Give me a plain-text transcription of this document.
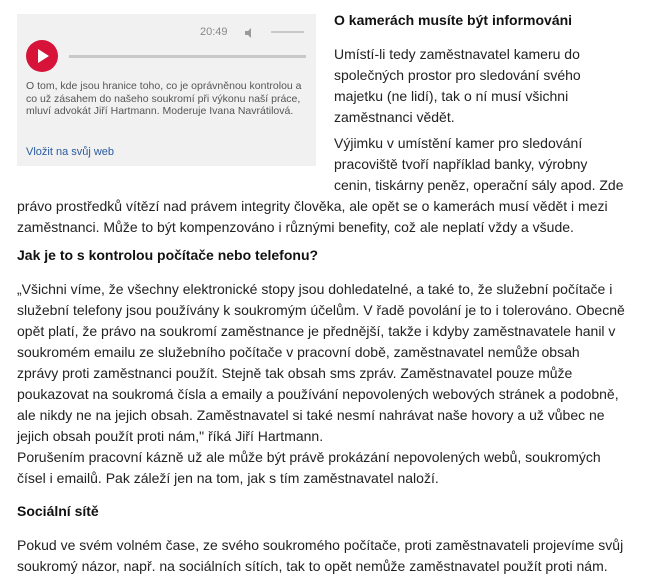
20:49
O tom, kde jsou hranice toho, co je oprávněnou kontrolou a co už zásahem do našeho soukromí při výkonu naší práce, mluví advokát Jiří Hartmann. Moderuje Ivana Navrátilová.
Vložit na svůj web
O kamerách musíte být informováni

Umístí-li tedy zaměstnavatel kameru do
společných prostor pro sledování svého
majetku (ne lidí), tak o ní musí všichni
zaměstnanci vědět.

Výjimku v umístění kamer pro sledování
pracoviště tvoří například banky, výrobny
cenin, tiskárny peněz, operační sály apod. Zde

právo prostředků vítězí nad právem integrity člověka, ale opět se o kamerách musí vědět i mezi
zaměstnanci. Může to být kompenzováno i různými benefity, což ale neplatí vždy a všude.

Jak je to s kontrolou počítače nebo telefonu?

„Všichni víme, že všechny elektronické stopy jsou dohledatelné, a také to, že služební počítače i
služební telefony jsou používány k soukromým účelům. V řadě povolání je to i tolerováno. Obecně
opět platí, že právo na soukromí zaměstnance je přednější, takže i kdyby zaměstnavatele hanil v
soukromém emailu ze služebního počítače v pracovní době, zaměstnavatel nemůže obsah
zprávy proti zaměstnanci použít. Stejně tak obsah sms zpráv. Zaměstnavatel pouze může
poukazovat na soukromá čísla a emaily a používání nepovolených webových stránek a podobně,
ale nikdy ne na jejich obsah. Zaměstnavatel si také nesmí nahrávat naše hovory a už vůbec ne
jejich obsah použít proti nám," říká Jiří Hartmann.

Porušením pracovní kázně už ale může být právě prokázání nepovolených webů, soukromých
čísel i emailů. Pak záleží jen na tom, jak s tím zaměstnavatel naloží.

Sociální sítě

Pokud ve svém volném čase, ze svého soukromého počítače, proti zaměstnavateli projevíme svůj
soukromý názor, např. na sociálních sítích, tak to opět nemůže zaměstnavatel použít proti nám.
